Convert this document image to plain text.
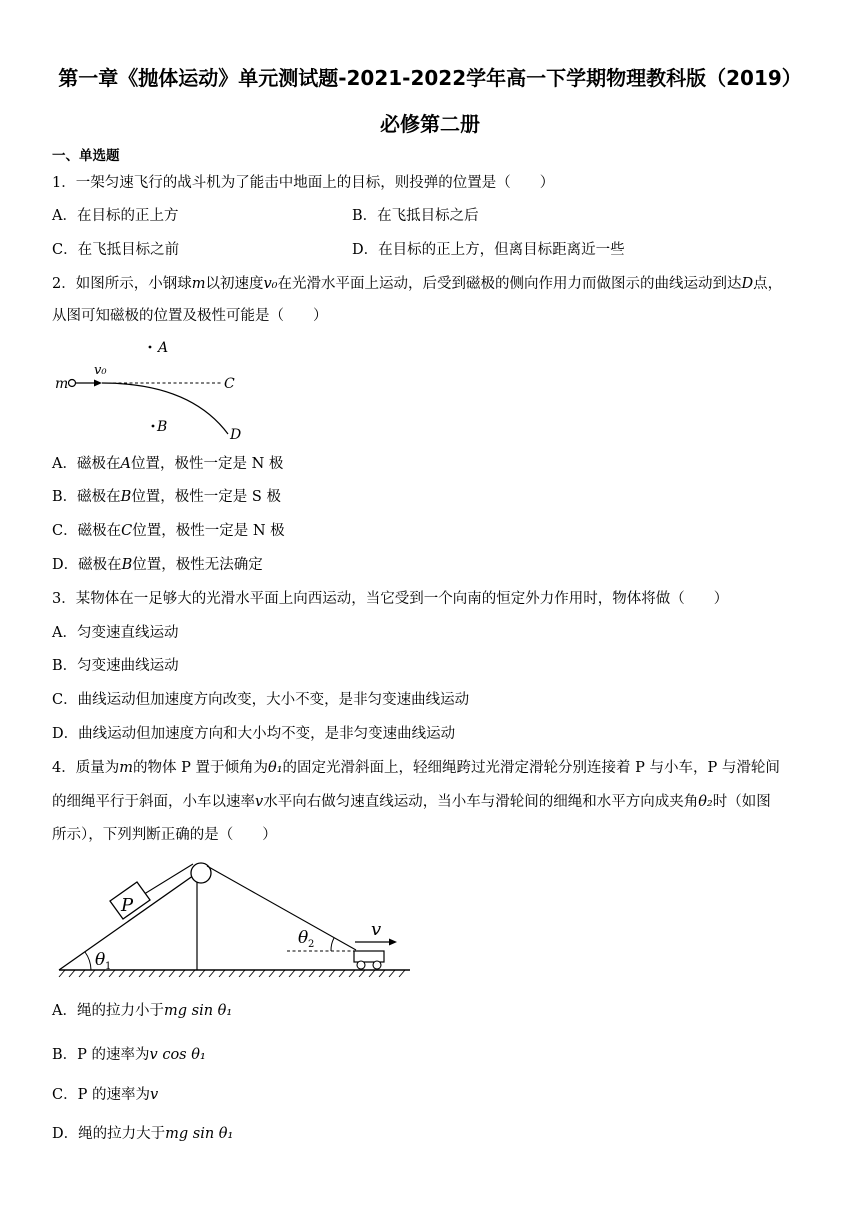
第一章《抛体运动》单元测试题-2021-2022学年高一下学期物理教科版（2019）
必修第二册
一、单选题
1．一架匀速飞行的战斗机为了能击中地面上的目标，则投弹的位置是（　　）
A．在目标的正上方	B．在飞抵目标之后
C．在飞抵目标之前	D．在目标的正上方，但离目标距离近一些
2．如图所示，小钢球m以初速度v₀在光滑水平面上运动，后受到磁极的侧向作用力而做图示的曲线运动到达D点，
从图可知磁极的位置及极性可能是（　　）
m
v₀
A
C
B	D
A．磁极在A位置，极性一定是 N 极
B．磁极在B位置，极性一定是 S 极
C．磁极在C位置，极性一定是 N 极
D．磁极在B位置，极性无法确定
3．某物体在一足够大的光滑水平面上向西运动，当它受到一个向南的恒定外力作用时，物体将做（　　）
A．匀变速直线运动
B．匀变速曲线运动
C．曲线运动但加速度方向改变，大小不变，是非匀变速曲线运动
D．曲线运动但加速度方向和大小均不变，是非匀变速曲线运动
4．质量为m的物体 P 置于倾角为θ₁的固定光滑斜面上，轻细绳跨过光滑定滑轮分别连接着 P 与小车，P 与滑轮间
的细绳平行于斜面，小车以速率v水平向右做匀速直线运动，当小车与滑轮间的细绳和水平方向成夹角θ₂时（如图
所示），下列判断正确的是（　　）
P
θ 1
θ 2
v
A．绳的拉力小于mg sin θ₁
B．P 的速率为v cos θ₁
C．P 的速率为v
D．绳的拉力大于mg sin θ₁
